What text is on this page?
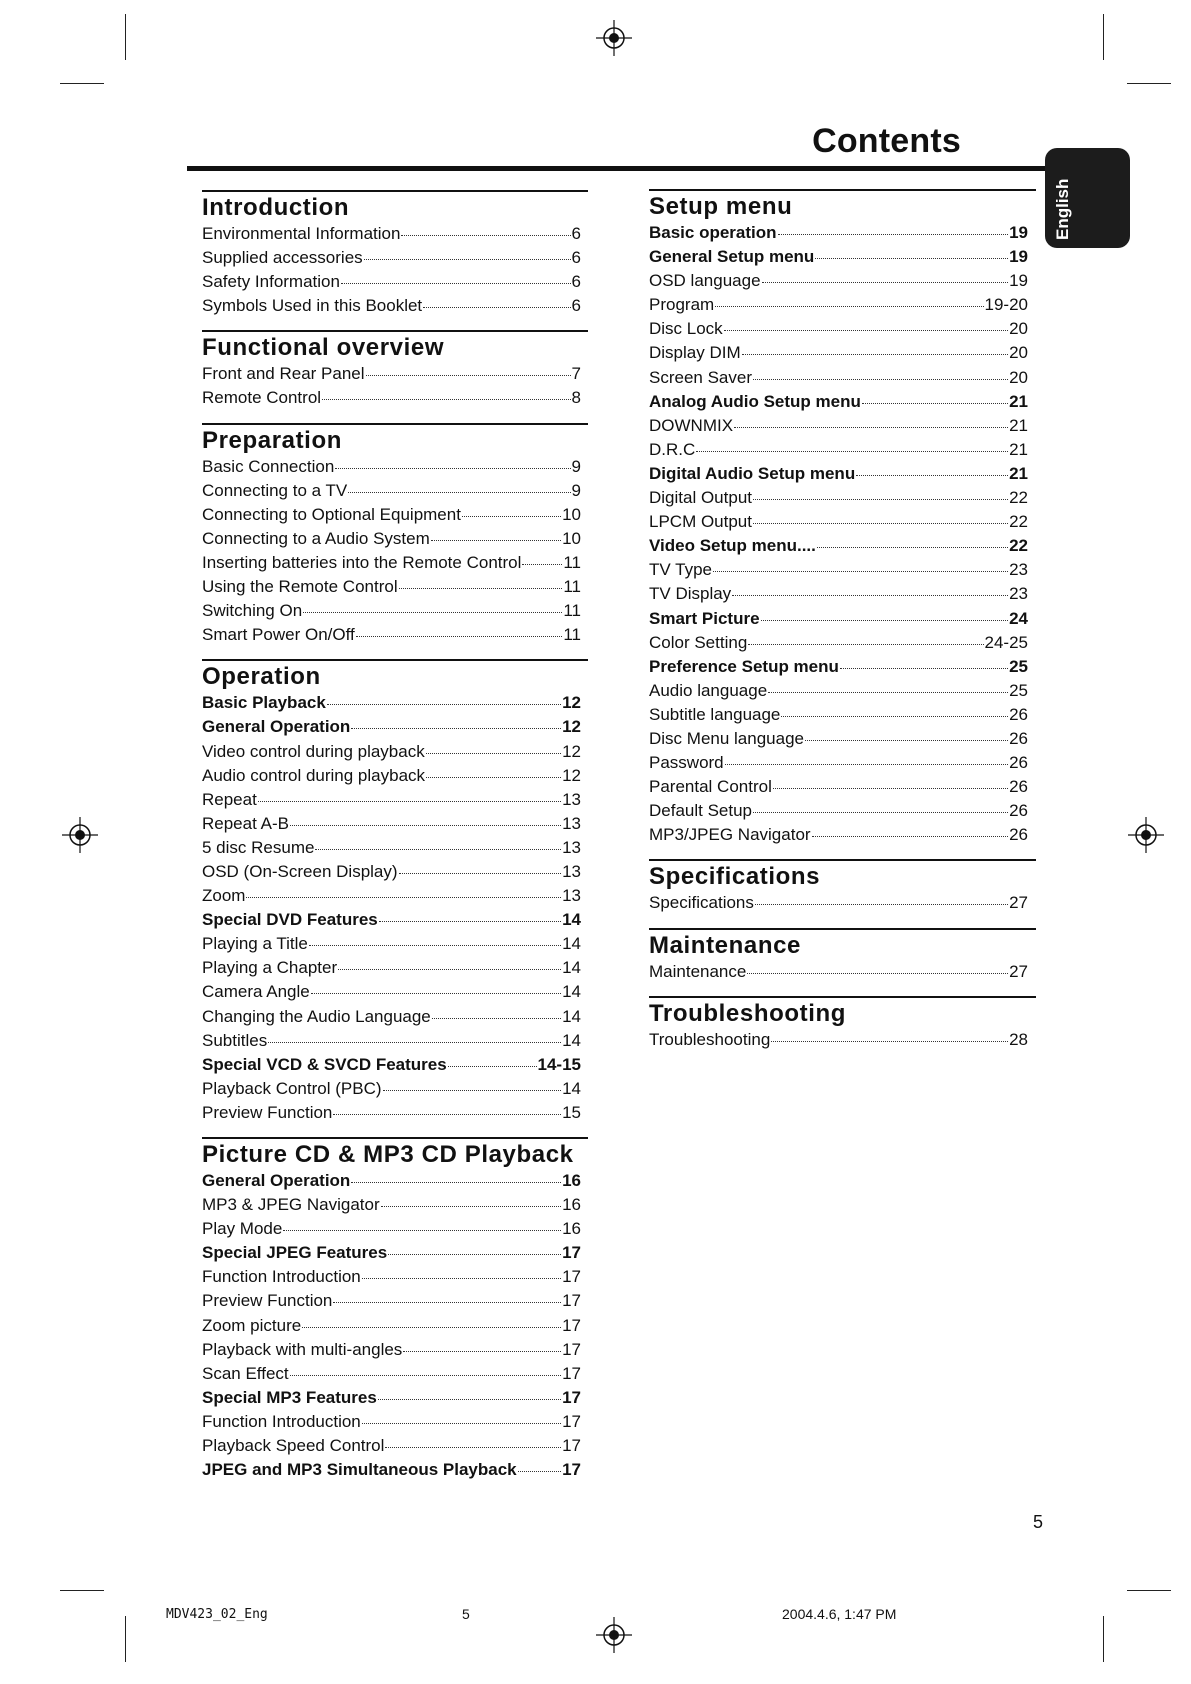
Contents
English
Introduction
Environmental Information	6
Supplied accessories	6
Safety Information	6
Symbols Used in this Booklet	6
Functional overview
Front and Rear Panel	7
Remote Control	8
Preparation
Basic Connection	9
Connecting to a TV	9
Connecting to Optional Equipment	10
Connecting to a Audio System	10
Inserting batteries into the Remote Control 11
Using the Remote Control	11
Switching On	11
Smart Power On/Off	11
Operation
Basic Playback	12
General Operation	12
Video control during playback	12
Audio control during playback	12
Repeat	13
Repeat A-B	13
5 disc Resume	13
OSD (On-Screen Display)	13
Zoom	13
Special DVD Features	14
Playing a Title	14
Playing a Chapter	14
Camera Angle	14
Changing the Audio Language	14
Subtitles	14
Special VCD & SVCD Features	14-15
Playback Control (PBC)	14
Preview Function	15
Picture CD & MP3 CD Playback
General Operation	16
MP3 & JPEG Navigator	16
Play Mode	16
Special JPEG Features	17
Function Introduction	17
Preview Function	17
Zoom picture	17
Playback with multi-angles	17
Scan Effect	17
Special MP3 Features	17
Function Introduction	17
Playback Speed Control	17
JPEG and MP3 Simultaneous Playback	17
Setup menu
Basic operation	19
General Setup menu	19
OSD language	19
Program	19-20
Disc Lock	20
Display DIM	20
Screen Saver	20
Analog Audio Setup menu	21
DOWNMIX	21
D.R.C	21
Digital Audio Setup menu	21
Digital Output	22
LPCM Output	22
Video Setup menu....	22
TV Type	23
TV Display	23
Smart Picture	24
Color Setting	24-25
Preference Setup menu	25
Audio language	25
Subtitle language	26
Disc Menu language	26
Password	26
Parental Control	26
Default Setup	26
MP3/JPEG Navigator	26
Specifications
Specifications	27
Maintenance
Maintenance	27
Troubleshooting
Troubleshooting	28

5

MDV423_02_Eng	5	2004.4.6, 1:47 PM
